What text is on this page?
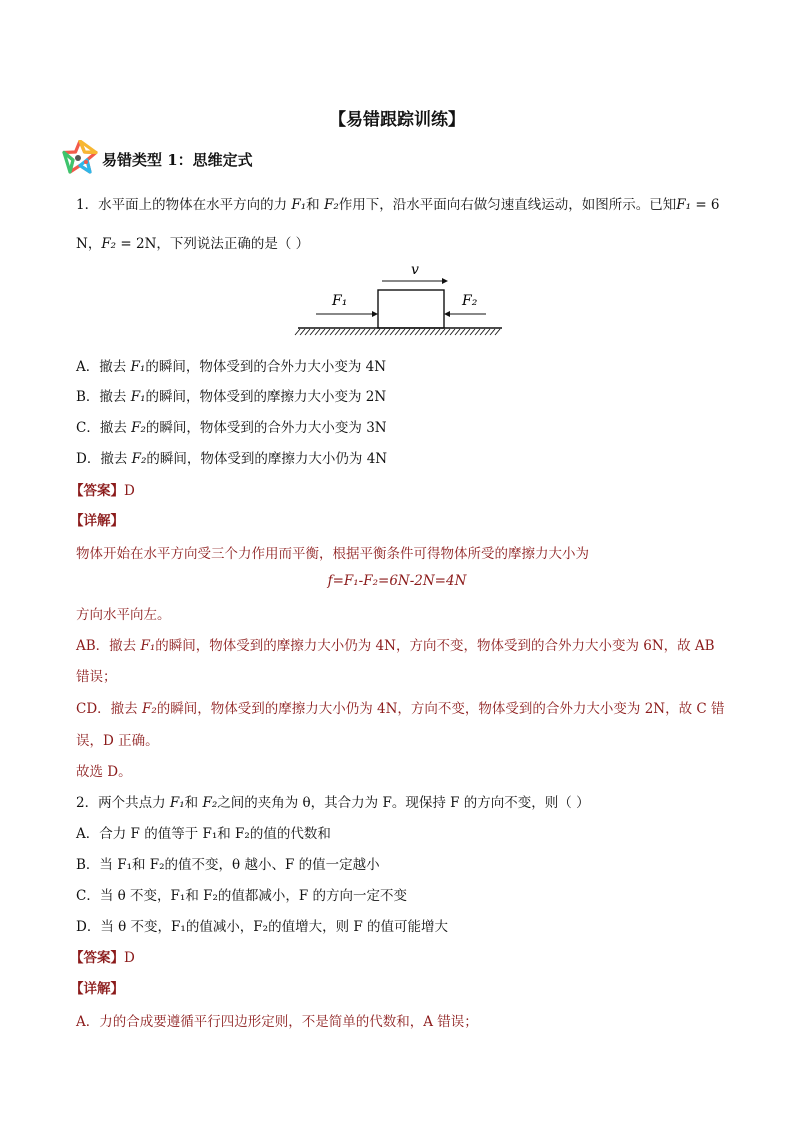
【易错跟踪训练】
易错类型 1：思维定式
1．水平面上的物体在水平方向的力 F₁和 F₂作用下，沿水平面向右做匀速直线运动，如图所示。已知F₁ = 6
N，F₂ = 2N，下列说法正确的是（ ）
v
F₁	F₂
A．撤去 F₁的瞬间，物体受到的合外力大小变为 4N
B．撤去 F₁的瞬间，物体受到的摩擦力大小变为 2N
C．撤去 F₂的瞬间，物体受到的合外力大小变为 3N
D．撤去 F₂的瞬间，物体受到的摩擦力大小仍为 4N
【答案】D
【详解】
物体开始在水平方向受三个力作用而平衡，根据平衡条件可得物体所受的摩擦力大小为
f=F₁-F₂=6N-2N=4N
方向水平向左。
AB．撤去 F₁的瞬间，物体受到的摩擦力大小仍为 4N，方向不变，物体受到的合外力大小变为 6N，故 AB
错误；
CD．撤去 F₂的瞬间，物体受到的摩擦力大小仍为 4N，方向不变，物体受到的合外力大小变为 2N，故 C 错
误，D 正确。
故选 D。
2．两个共点力 F₁和 F₂之间的夹角为 θ，其合力为 F。现保持 F 的方向不变，则（ ）
A．合力 F 的值等于 F₁和 F₂的值的代数和
B．当 F₁和 F₂的值不变，θ 越小、F 的值一定越小
C．当 θ 不变，F₁和 F₂的值都减小，F 的方向一定不变
D．当 θ 不变，F₁的值减小，F₂的值增大，则 F 的值可能增大
【答案】D
【详解】
A．力的合成要遵循平行四边形定则，不是简单的代数和，A 错误；
